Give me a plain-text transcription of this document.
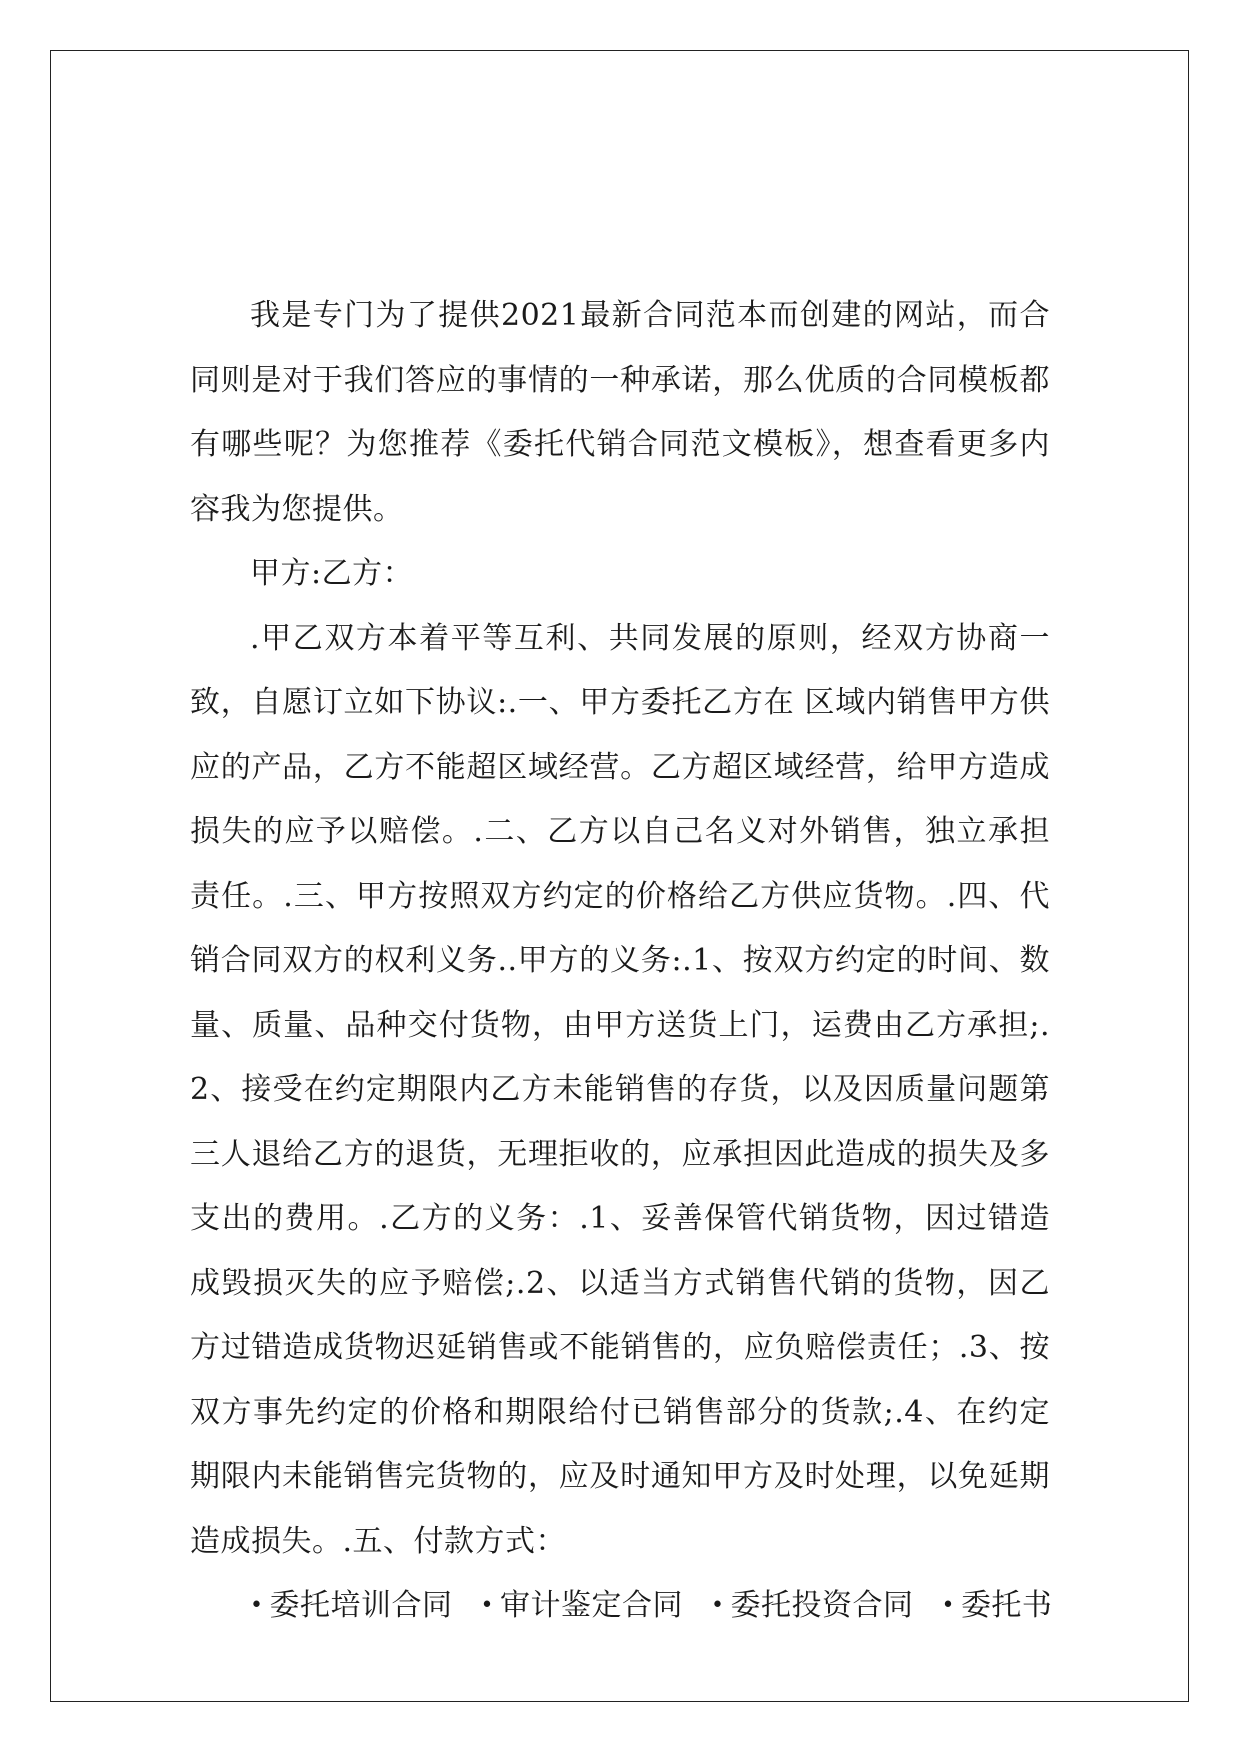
我是专门为了提供2021最新合同范本而创建的网站，而合同则是对于我们答应的事情的一种承诺，那么优质的合同模板都有哪些呢？为您推荐《委托代销合同范文模板》，想查看更多内容我为您提供。

甲方:乙方：

.甲乙双方本着平等互利、共同发展的原则，经双方协商一致，自愿订立如下协议:.一、甲方委托乙方在 区域内销售甲方供应的产品，乙方不能超区域经营。乙方超区域经营，给甲方造成损失的应予以赔偿。.二、乙方以自己名义对外销售，独立承担责任。.三、甲方按照双方约定的价格给乙方供应货物。.四、代销合同双方的权利义务..甲方的义务:.1、按双方约定的时间、数量、质量、品种交付货物，由甲方送货上门，运费由乙方承担;.2、接受在约定期限内乙方未能销售的存货，以及因质量问题第三人退给乙方的退货，无理拒收的，应承担因此造成的损失及多支出的费用。.乙方的义务：.1、妥善保管代销货物，因过错造成毁损灭失的应予赔偿;.2、以适当方式销售代销的货物，因乙方过错造成货物迟延销售或不能销售的，应负赔偿责任；.3、按双方事先约定的价格和期限给付已销售部分的货款;.4、在约定期限内未能销售完货物的，应及时通知甲方及时处理，以免延期造成损失。.五、付款方式：

• 委托培训合同	• 审计鉴定合同	• 委托投资合同	• 委托书
